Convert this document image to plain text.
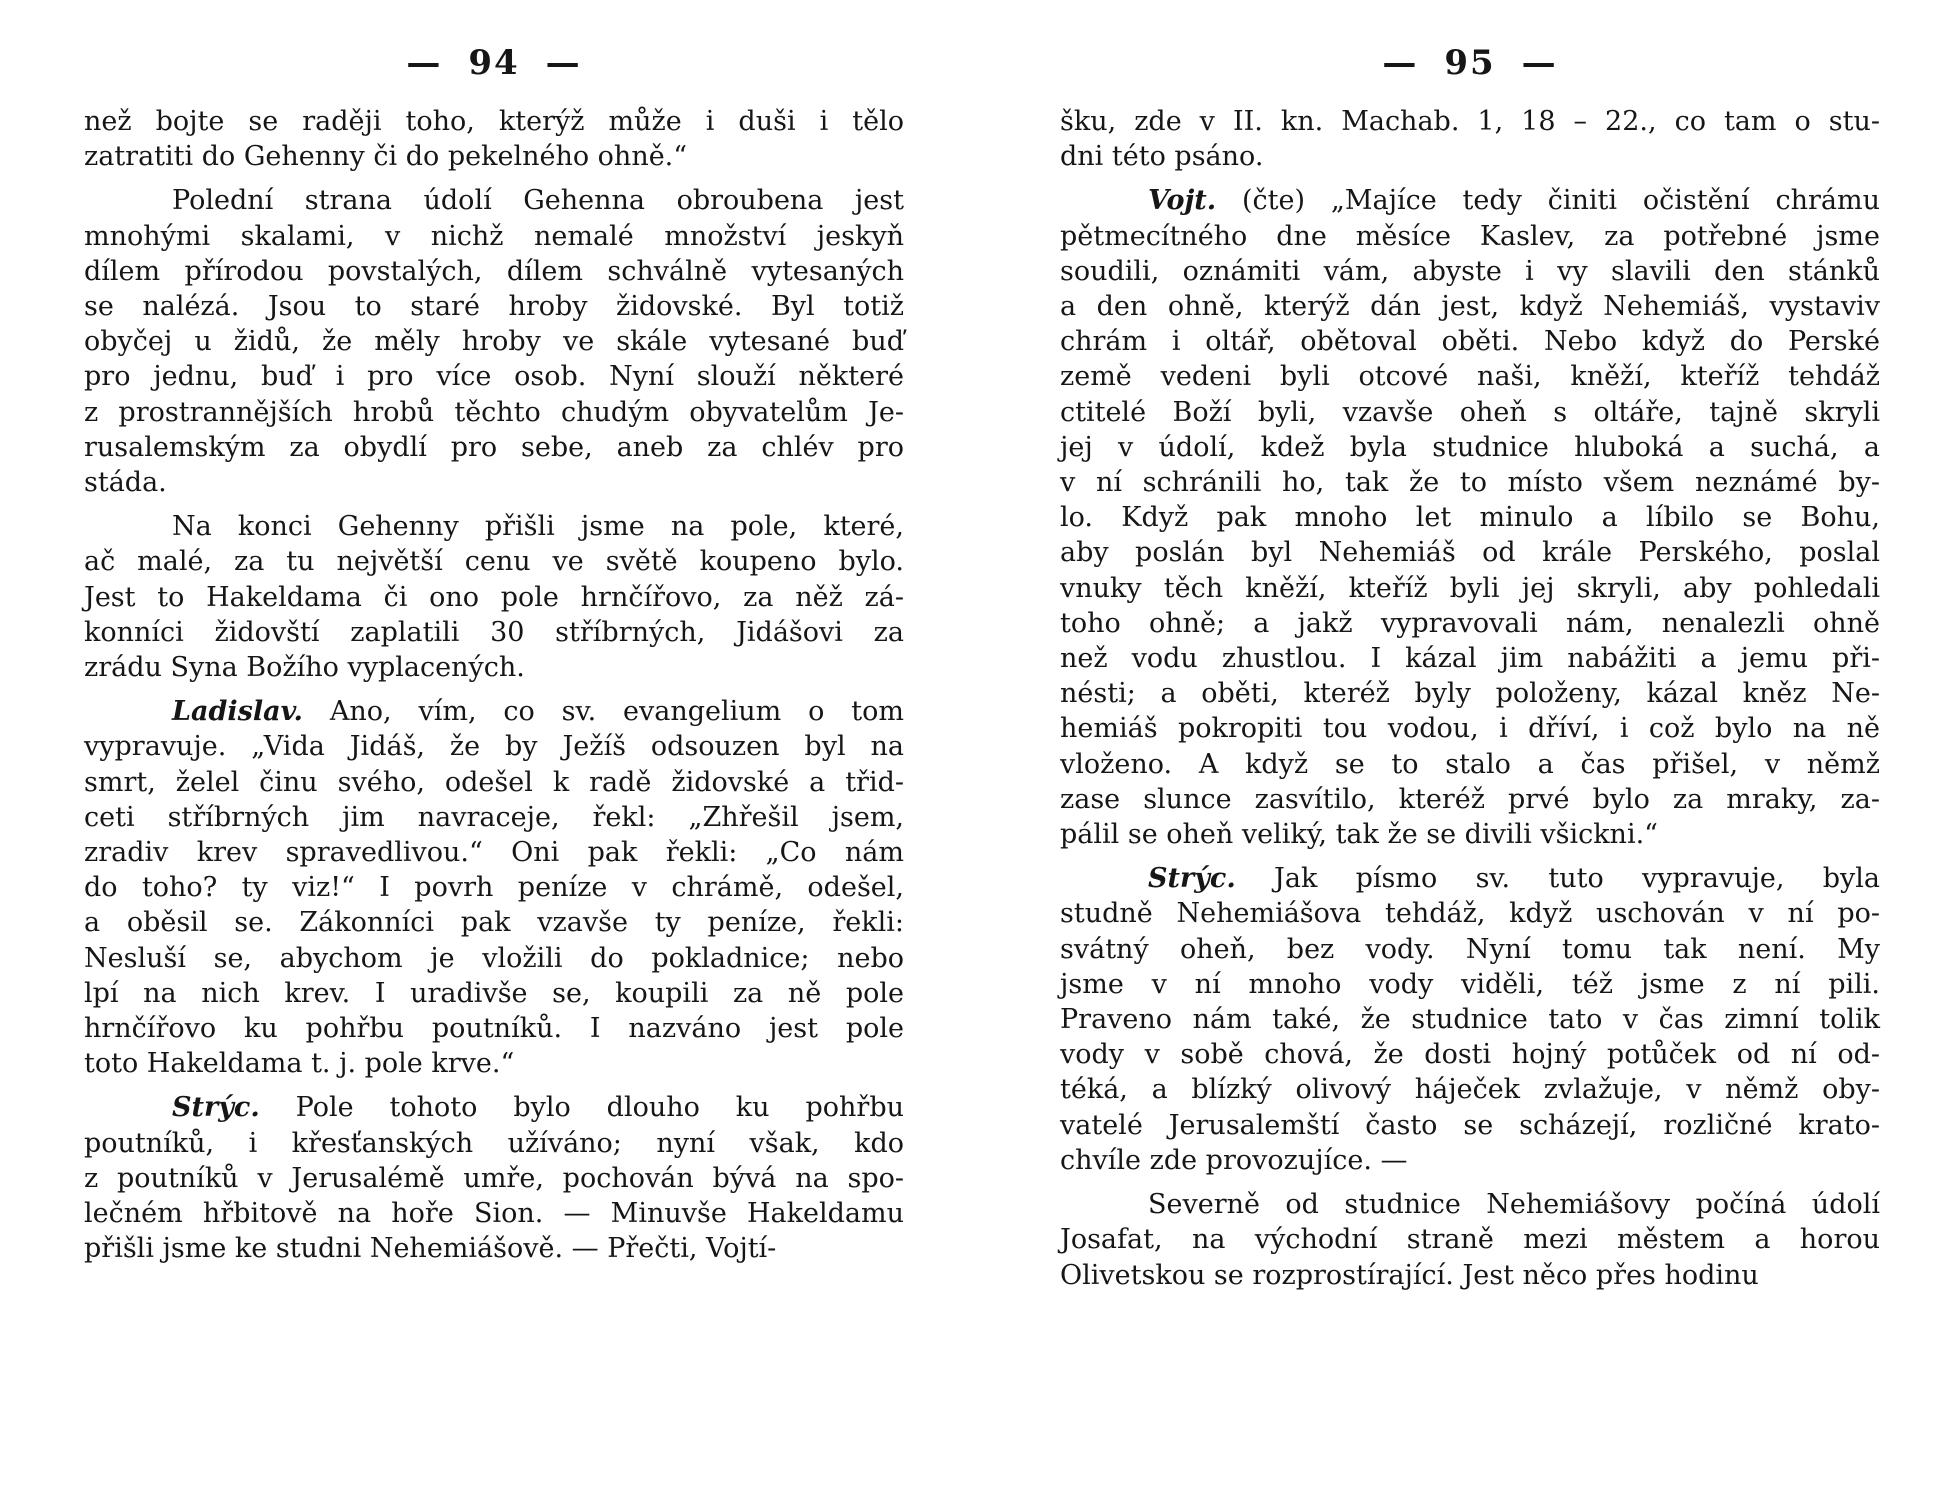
— 94 —

než bojte se raději toho, kterýž může i duši i tělo
zatratiti do Gehenny či do pekelného ohně.“

Polední strana údolí Gehenna obroubena jest
mnohými skalami, v nichž nemalé množství jeskyň
dílem přírodou povstalých, dílem schválně vytesaných
se nalézá. Jsou to staré hroby židovské. Byl totiž
obyčej u židů, že měly hroby ve skále vytesané buď
pro jednu, buď i pro více osob. Nyní slouží některé
z prostrannějších hrobů těchto chudým obyvatelům Je-
rusalemským za obydlí pro sebe, aneb za chlév pro
stáda.

Na konci Gehenny přišli jsme na pole, které,
ač malé, za tu největší cenu ve světě koupeno bylo.
Jest to Hakeldama či ono pole hrnčířovo, za něž zá-
konníci židovští zaplatili 30 stříbrných, Jidášovi za
zrádu Syna Božího vyplacených.

Ladislav. Ano, vím, co sv. evangelium o tom
vypravuje. „Vida Jidáš, že by Ježíš odsouzen byl na
smrt, želel činu svého, odešel k radě židovské a třid-
ceti stříbrných jim navraceje, řekl: „Zhřešil jsem,
zradiv krev spravedlivou.“ Oni pak řekli: „Co nám
do toho? ty viz!“ I povrh peníze v chrámě, odešel,
a oběsil se. Zákonníci pak vzavše ty peníze, řekli:
Nesluší se, abychom je vložili do pokladnice; nebo
lpí na nich krev. I uradivše se, koupili za ně pole
hrnčířovo ku pohřbu poutníků. I nazváno jest pole
toto Hakeldama t. j. pole krve.“

Strýc. Pole tohoto bylo dlouho ku pohřbu
poutníků, i křesťanských užíváno; nyní však, kdo
z poutníků v Jerusalémě umře, pochován bývá na spo-
lečném hřbitově na hoře Sion. — Minuvše Hakeldamu
přišli jsme ke studni Nehemiášově. — Přečti, Vojtí-

— 95 —

šku, zde v II. kn. Machab. 1, 18 – 22., co tam o stu-
dni této psáno.

Vojt. (čte) „Majíce tedy činiti očistění chrámu
pětmecítného dne měsíce Kaslev, za potřebné jsme
soudili, oznámiti vám, abyste i vy slavili den stánků
a den ohně, kterýž dán jest, když Nehemiáš, vystaviv
chrám i oltář, obětoval oběti. Nebo když do Perské
země vedeni byli otcové naši, kněží, kteříž tehdáž
ctitelé Boží byli, vzavše oheň s oltáře, tajně skryli
jej v údolí, kdež byla studnice hluboká a suchá, a
v ní schránili ho, tak že to místo všem neznámé by-
lo. Když pak mnoho let minulo a líbilo se Bohu,
aby poslán byl Nehemiáš od krále Perského, poslal
vnuky těch kněží, kteříž byli jej skryli, aby pohledali
toho ohně; a jakž vypravovali nám, nenalezli ohně
než vodu zhustlou. I kázal jim nabážiti a jemu při-
nésti; a oběti, kteréž byly položeny, kázal kněz Ne-
hemiáš pokropiti tou vodou, i dříví, i což bylo na ně
vloženo. A když se to stalo a čas přišel, v němž
zase slunce zasvítilo, kteréž prvé bylo za mraky, za-
pálil se oheň veliký, tak že se divili všickni.“

Strýc. Jak písmo sv. tuto vypravuje, byla
studně Nehemiášova tehdáž, když uschován v ní po-
svátný oheň, bez vody. Nyní tomu tak není. My
jsme v ní mnoho vody viděli, též jsme z ní pili.
Praveno nám také, že studnice tato v čas zimní tolik
vody v sobě chová, že dosti hojný potůček od ní od-
téká, a blízký olivový háječek zvlažuje, v němž oby-
vatelé Jerusalemští často se scházejí, rozličné krato-
chvíle zde provozujíce. —

Severně od studnice Nehemiášovy počíná údolí
Josafat, na východní straně mezi městem a horou
Olivetskou se rozprostírající. Jest něco přes hodinu
